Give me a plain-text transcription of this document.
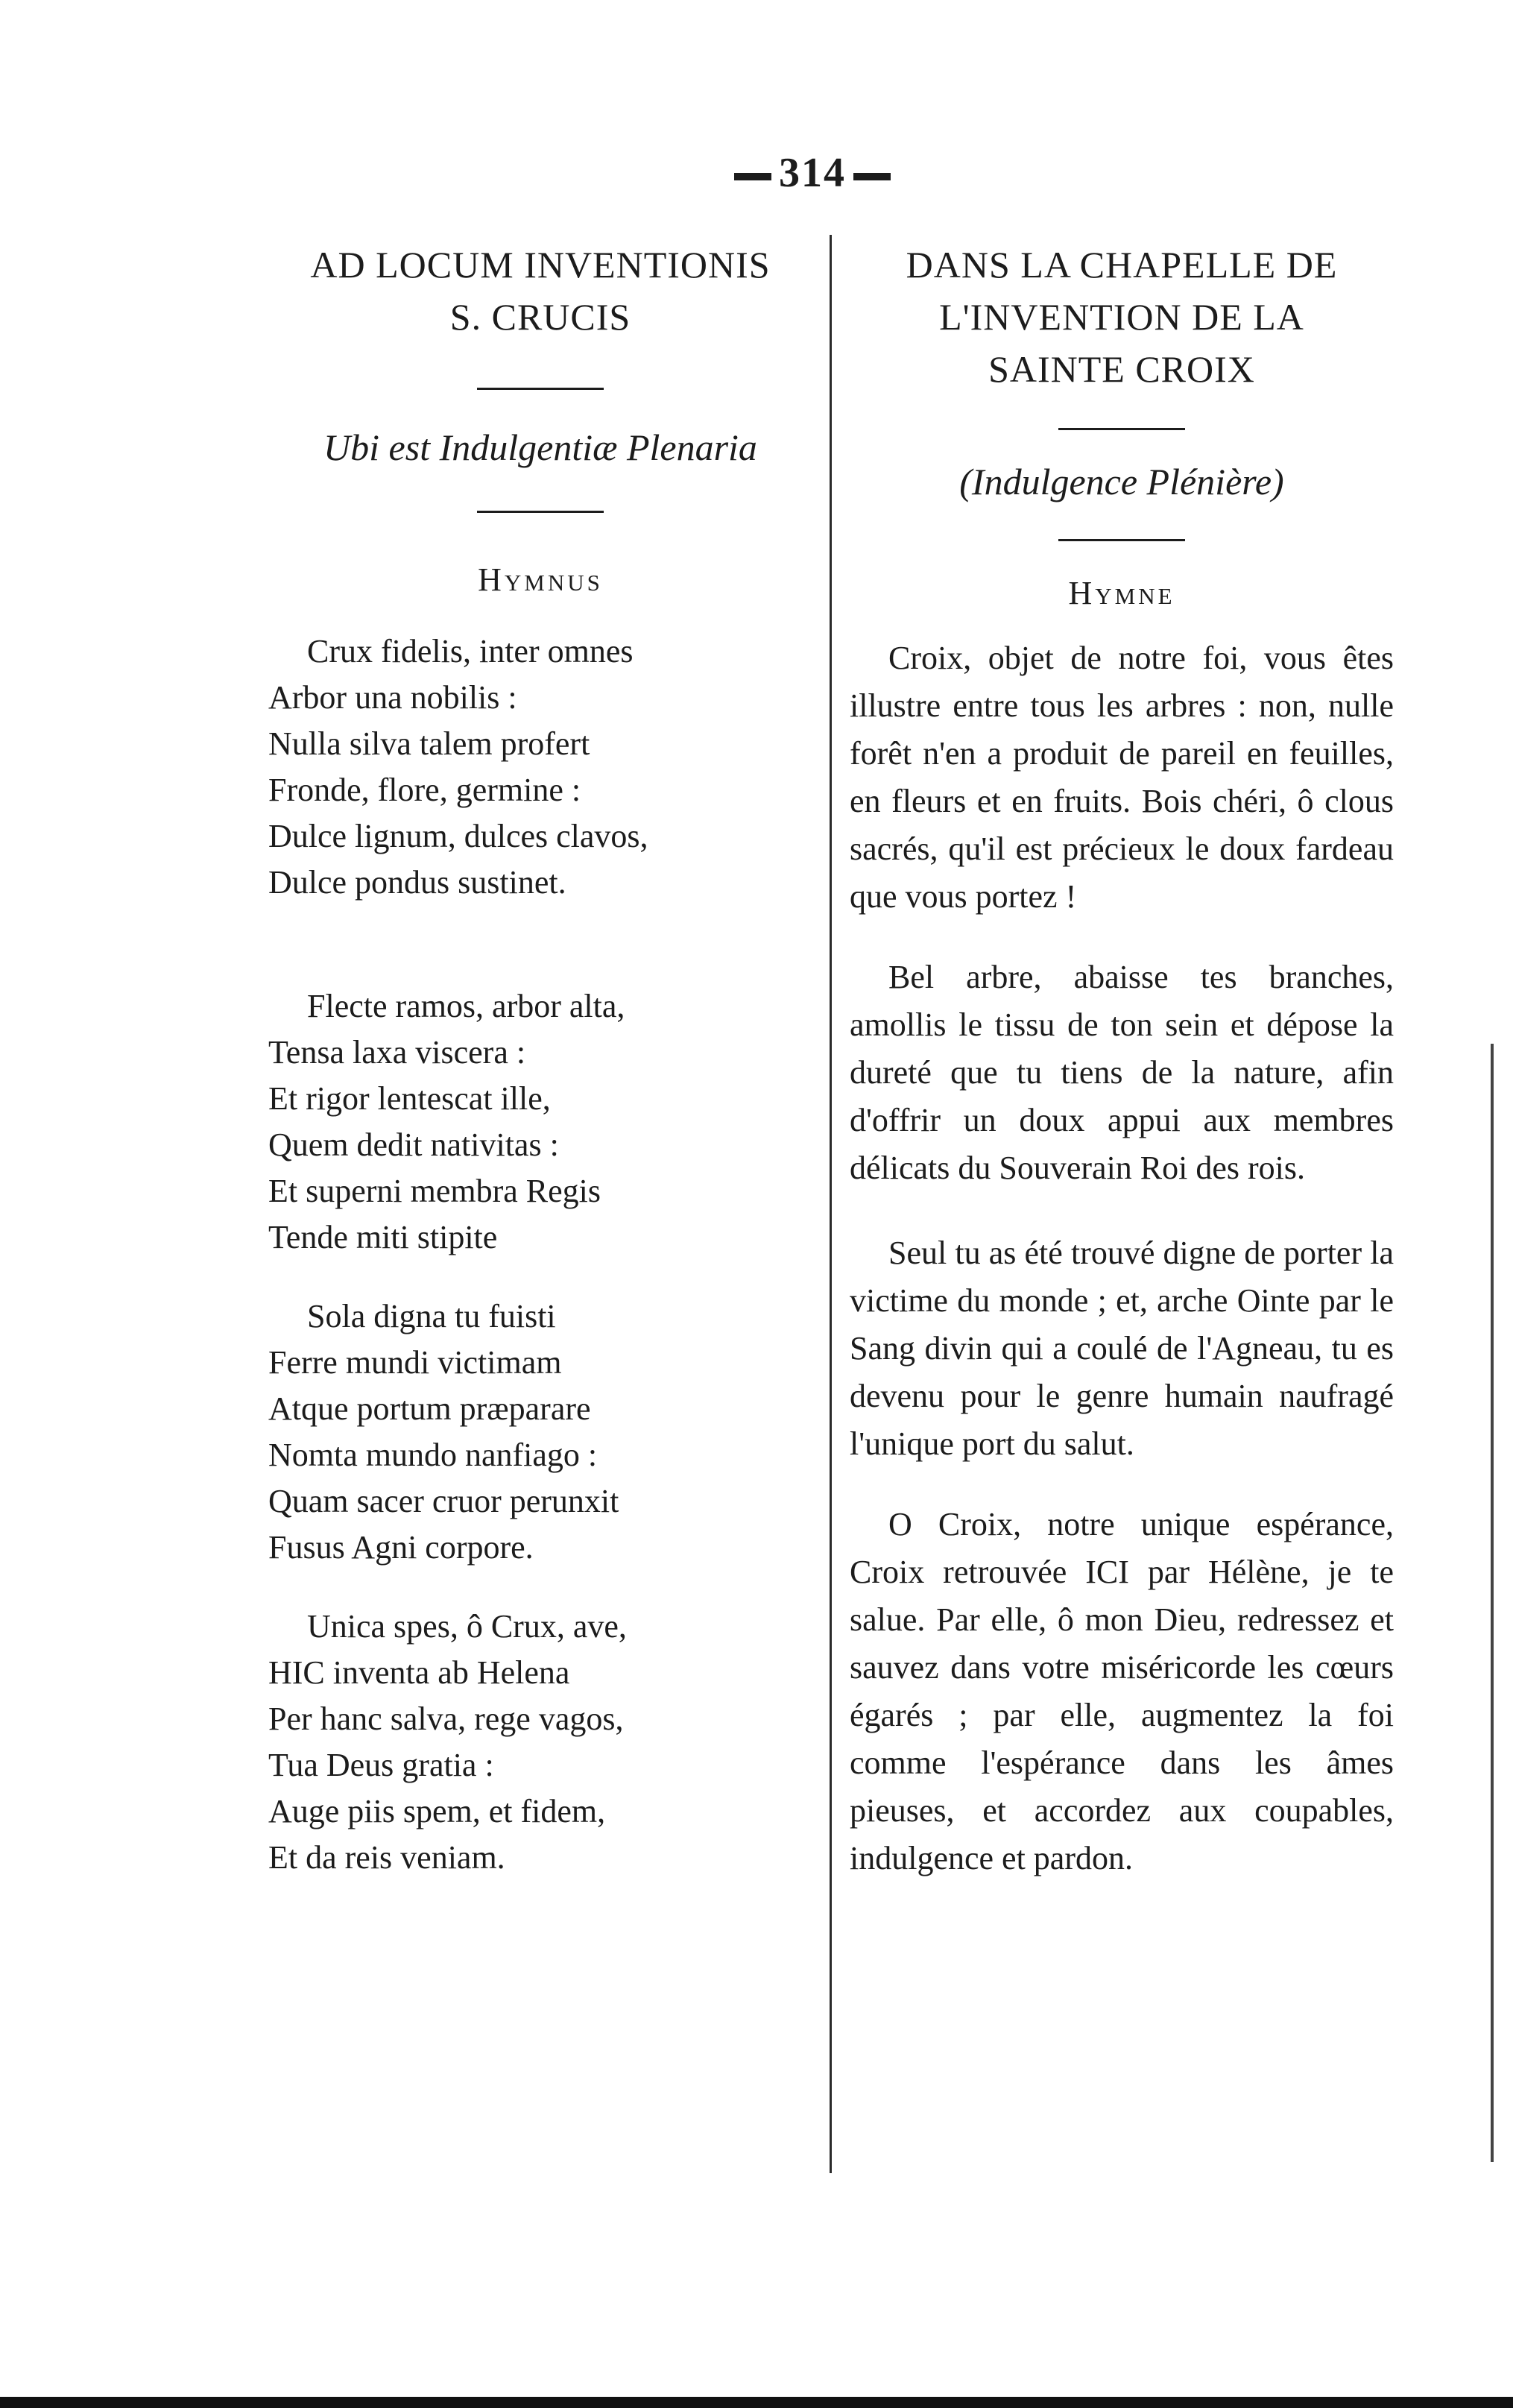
314

AD LOCUM INVENTIONIS
S. CRUCIS

Ubi est Indulgentiæ Plenaria

Hymnus

Crux fidelis, inter omnes
Arbor una nobilis :
Nulla silva talem profert
Fronde, flore, germine :
Dulce lignum, dulces clavos,
Dulce pondus sustinet.
Flecte ramos, arbor alta,
Tensa laxa viscera :
Et rigor lentescat ille,
Quem dedit nativitas :
Et superni membra Regis
Tende miti stipite
Sola digna tu fuisti
Ferre mundi victimam
Atque portum præparare
Nomta mundo nanfiago :
Quam sacer cruor perunxit
Fusus Agni corpore.
Unica spes, ô Crux, ave,
HIC inventa ab Helena
Per hanc salva, rege vagos,
Tua Deus gratia :
Auge piis spem, et fidem,
Et da reis veniam.

DANS LA CHAPELLE DE
L'INVENTION DE LA
SAINTE CROIX

(Indulgence Plénière)

Hymne

Croix, objet de notre foi, vous êtes illustre entre tous les arbres : non, nulle forêt n'en a produit de pareil en feuilles, en fleurs et en fruits. Bois chéri, ô clous sacrés, qu'il est précieux le doux fardeau que vous portez !

Bel arbre, abaisse tes branches, amollis le tissu de ton sein et dépose la dureté que tu tiens de la nature, afin d'offrir un doux appui aux membres délicats du Souverain Roi des rois.

Seul tu as été trouvé digne de porter la victime du monde ; et, arche Ointe par le Sang divin qui a coulé de l'Agneau, tu es devenu pour le genre humain naufragé l'unique port du salut.

O Croix, notre unique espérance, Croix retrouvée ICI par Hélène, je te salue. Par elle, ô mon Dieu, redressez et sauvez dans votre miséricorde les cœurs égarés ; par elle, augmentez la foi comme l'espérance dans les âmes pieuses, et accordez aux coupables, indulgence et pardon.
